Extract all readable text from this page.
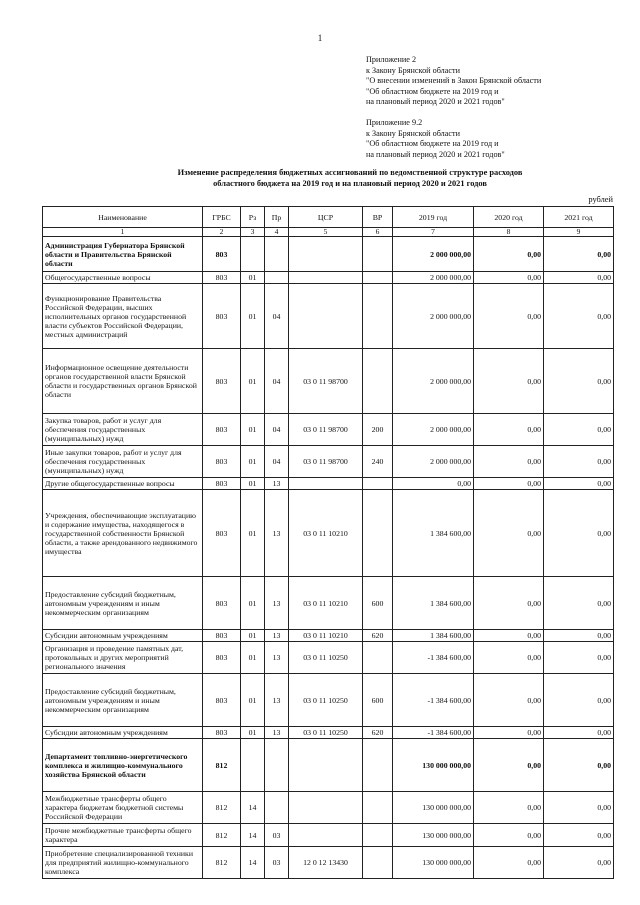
1
Приложение 2
к Закону Брянской области
"О внесении изменений в Закон Брянской области
"Об областном бюджете на 2019 год и
на плановый период 2020 и 2021 годов"
Приложение 9.2
к Закону Брянской области
"Об областном бюджете на 2019 год и
на плановый период 2020 и 2021 годов"
Изменение распределения бюджетных ассигнований по ведомственной структуре расходов
областного бюджета на 2019 год и на плановый период 2020 и 2021 годов
рублей
Наименование	ГРБС	Рз	Пр	ЦСР	ВР	2019 год	2020 год	2021 год
1	2	3	4	5	6	7	8	9
Администрация Губернатора Брянской области и Правительства Брянской области	803					2 000 000,00	0,00	0,00
Общегосударственные вопросы	803	01				2 000 000,00	0,00	0,00
Функционирование Правительства Российской Федерации, высших исполнительных органов государственной власти субъектов Российской Федерации, местных администраций	803	01	04			2 000 000,00	0,00	0,00
Информационное освещение деятельности органов государственной власти Брянской области и государственных органов Брянской области	803	01	04	03 0 11 98700		2 000 000,00	0,00	0,00
Закупка товаров, работ и услуг для обеспечения государственных (муниципальных) нужд	803	01	04	03 0 11 98700	200	2 000 000,00	0,00	0,00
Иные закупки товаров, работ и услуг для обеспечения государственных (муниципальных) нужд	803	01	04	03 0 11 98700	240	2 000 000,00	0,00	0,00
Другие общегосударственные вопросы	803	01	13			0,00	0,00	0,00
Учреждения, обеспечивающие эксплуатацию и содержание имущества, находящегося в государственной собственности Брянской области, а также арендованного недвижимого имущества	803	01	13	03 0 11 10210		1 384 600,00	0,00	0,00
Предоставление субсидий бюджетным, автономным учреждениям и иным некоммерческим организациям	803	01	13	03 0 11 10210	600	1 384 600,00	0,00	0,00
Субсидии автономным учреждениям	803	01	13	03 0 11 10210	620	1 384 600,00	0,00	0,00
Организация и проведение памятных дат, протокольных и других мероприятий регионального значения	803	01	13	03 0 11 10250		-1 384 600,00	0,00	0,00
Предоставление субсидий бюджетным, автономным учреждениям и иным некоммерческим организациям	803	01	13	03 0 11 10250	600	-1 384 600,00	0,00	0,00
Субсидии автономным учреждениям	803	01	13	03 0 11 10250	620	-1 384 600,00	0,00	0,00
Департамент топливно-энергетического комплекса и жилищно-коммунального хозяйства Брянской области	812					130 000 000,00	0,00	0,00
Межбюджетные трансферты общего характера бюджетам бюджетной системы Российской Федерации	812	14				130 000 000,00	0,00	0,00
Прочие межбюджетные трансферты общего характера	812	14	03			130 000 000,00	0,00	0,00
Приобретение специализированной техники для предприятий жилищно-коммунального комплекса	812	14	03	12 0 12 13430		130 000 000,00	0,00	0,00
